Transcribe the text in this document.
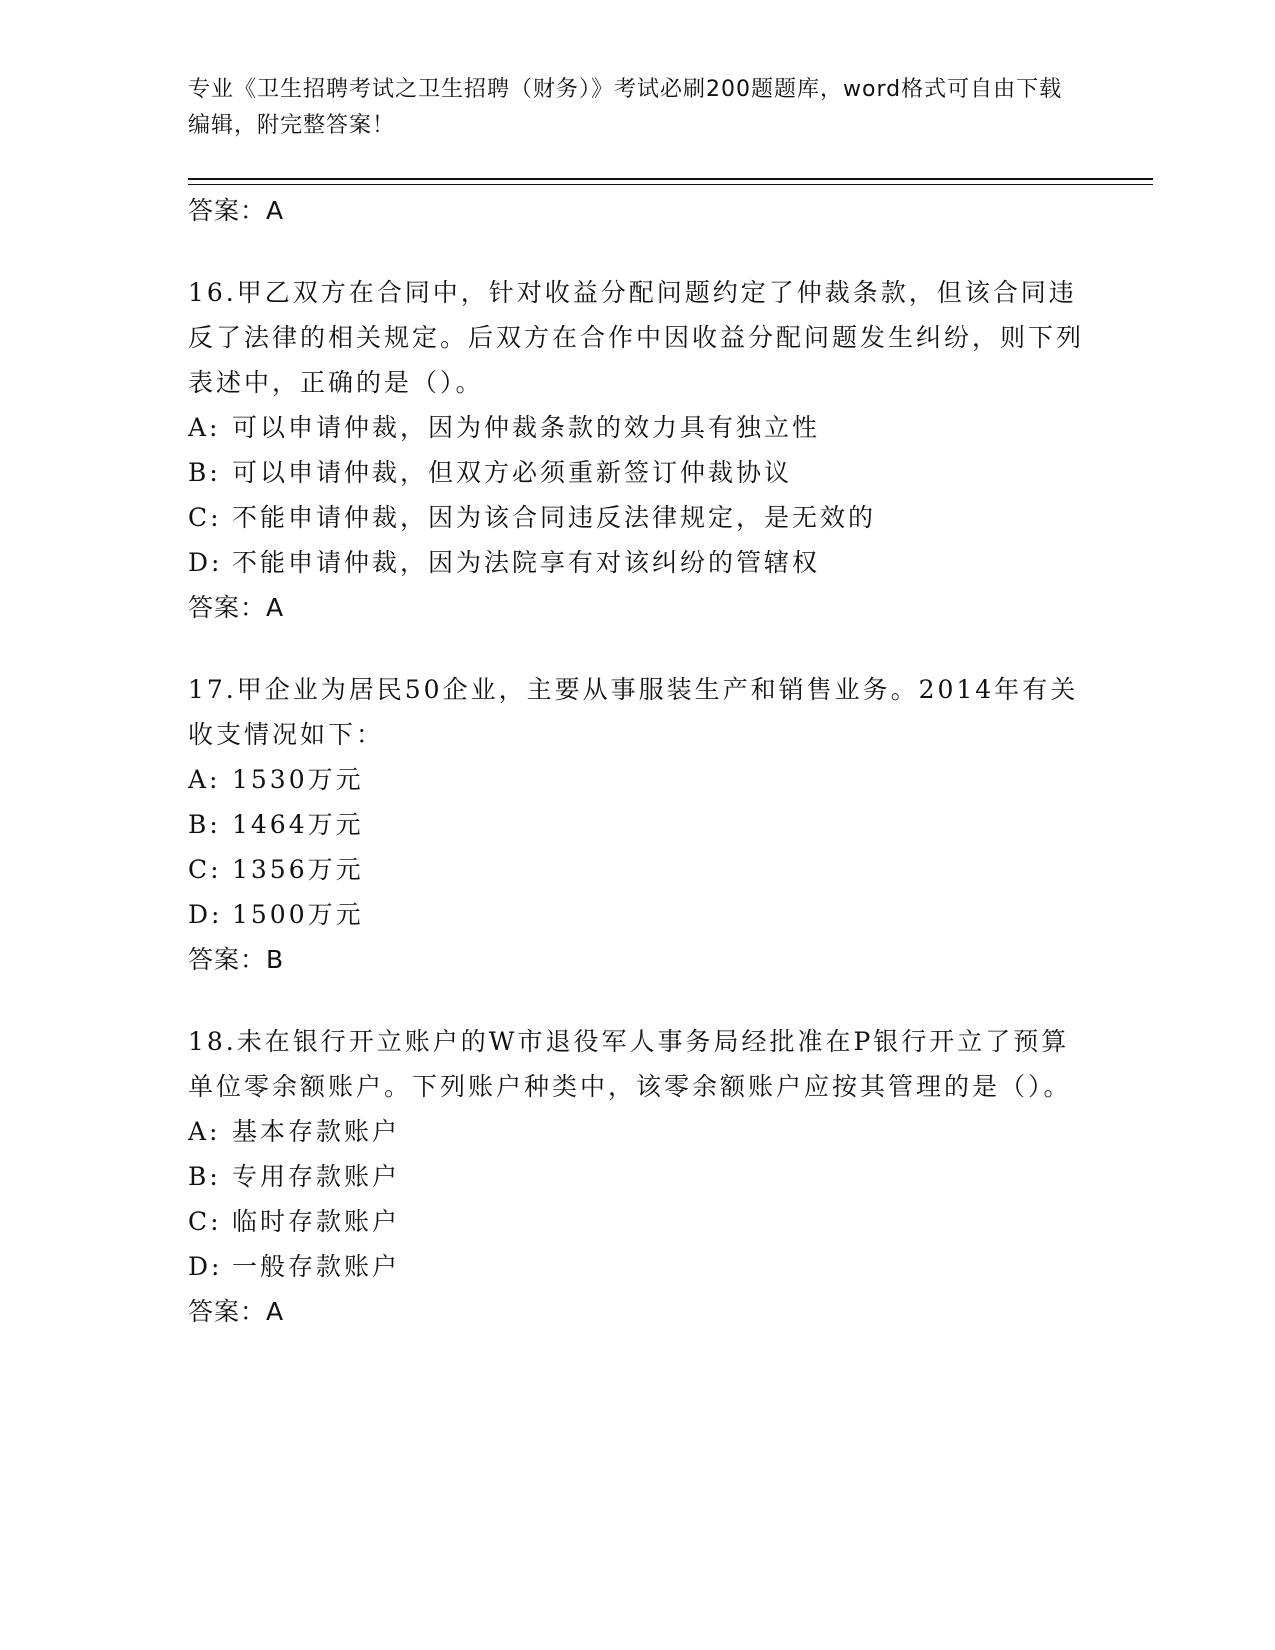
专业《卫生招聘考试之卫生招聘（财务）》考试必刷200题题库，word格式可自由下载编辑，附完整答案！
答案：A
16.甲乙双方在合同中，针对收益分配问题约定了仲裁条款，但该合同违反了法律的相关规定。后双方在合作中因收益分配问题发生纠纷，则下列表述中，正确的是（）。
A: 可以申请仲裁，因为仲裁条款的效力具有独立性
B: 可以申请仲裁，但双方必须重新签订仲裁协议
C: 不能申请仲裁，因为该合同违反法律规定，是无效的
D: 不能申请仲裁，因为法院享有对该纠纷的管辖权
答案：A
17.甲企业为居民50企业，主要从事服装生产和销售业务。2014年有关收支情况如下：
A: 1530万元
B: 1464万元
C: 1356万元
D: 1500万元
答案：B
18.未在银行开立账户的W市退役军人事务局经批准在P银行开立了预算单位零余额账户。下列账户种类中，该零余额账户应按其管理的是（）。
A: 基本存款账户
B: 专用存款账户
C: 临时存款账户
D: 一般存款账户
答案：A
